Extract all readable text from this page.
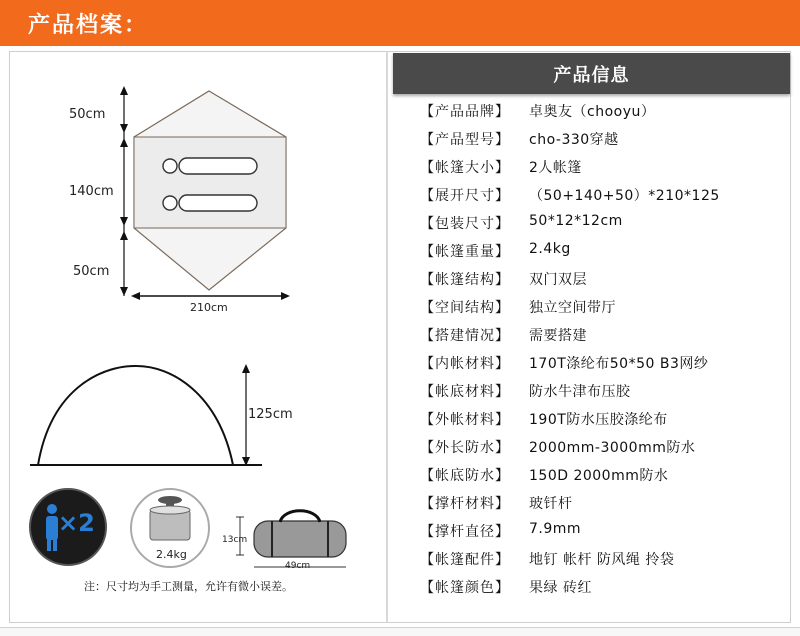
产品档案：
50cm
140cm
50cm
210cm
125cm
×2
2.4kg
13cm
49cm
注：尺寸均为手工测量，允许有微小误差。
产品信息
【产品品牌】	卓奥友（chooyu）
【产品型号】	cho-330穿越
【帐篷大小】	2人帐篷
【展开尺寸】	（50+140+50）*210*125
【包装尺寸】	50*12*12cm
【帐篷重量】	2.4kg
【帐篷结构】	双门双层
【空间结构】	独立空间带厅
【搭建情况】	需要搭建
【内帐材料】	170T涤纶布50*50 B3网纱
【帐底材料】	防水牛津布压胶
【外帐材料】	190T防水压胶涤纶布
【外长防水】	2000mm-3000mm防水
【帐底防水】	150D 2000mm防水
【撑杆材料】	玻钎杆
【撑杆直径】	7.9mm
【帐篷配件】	地钉 帐杆 防风绳 拎袋
【帐篷颜色】	果绿 砖红
